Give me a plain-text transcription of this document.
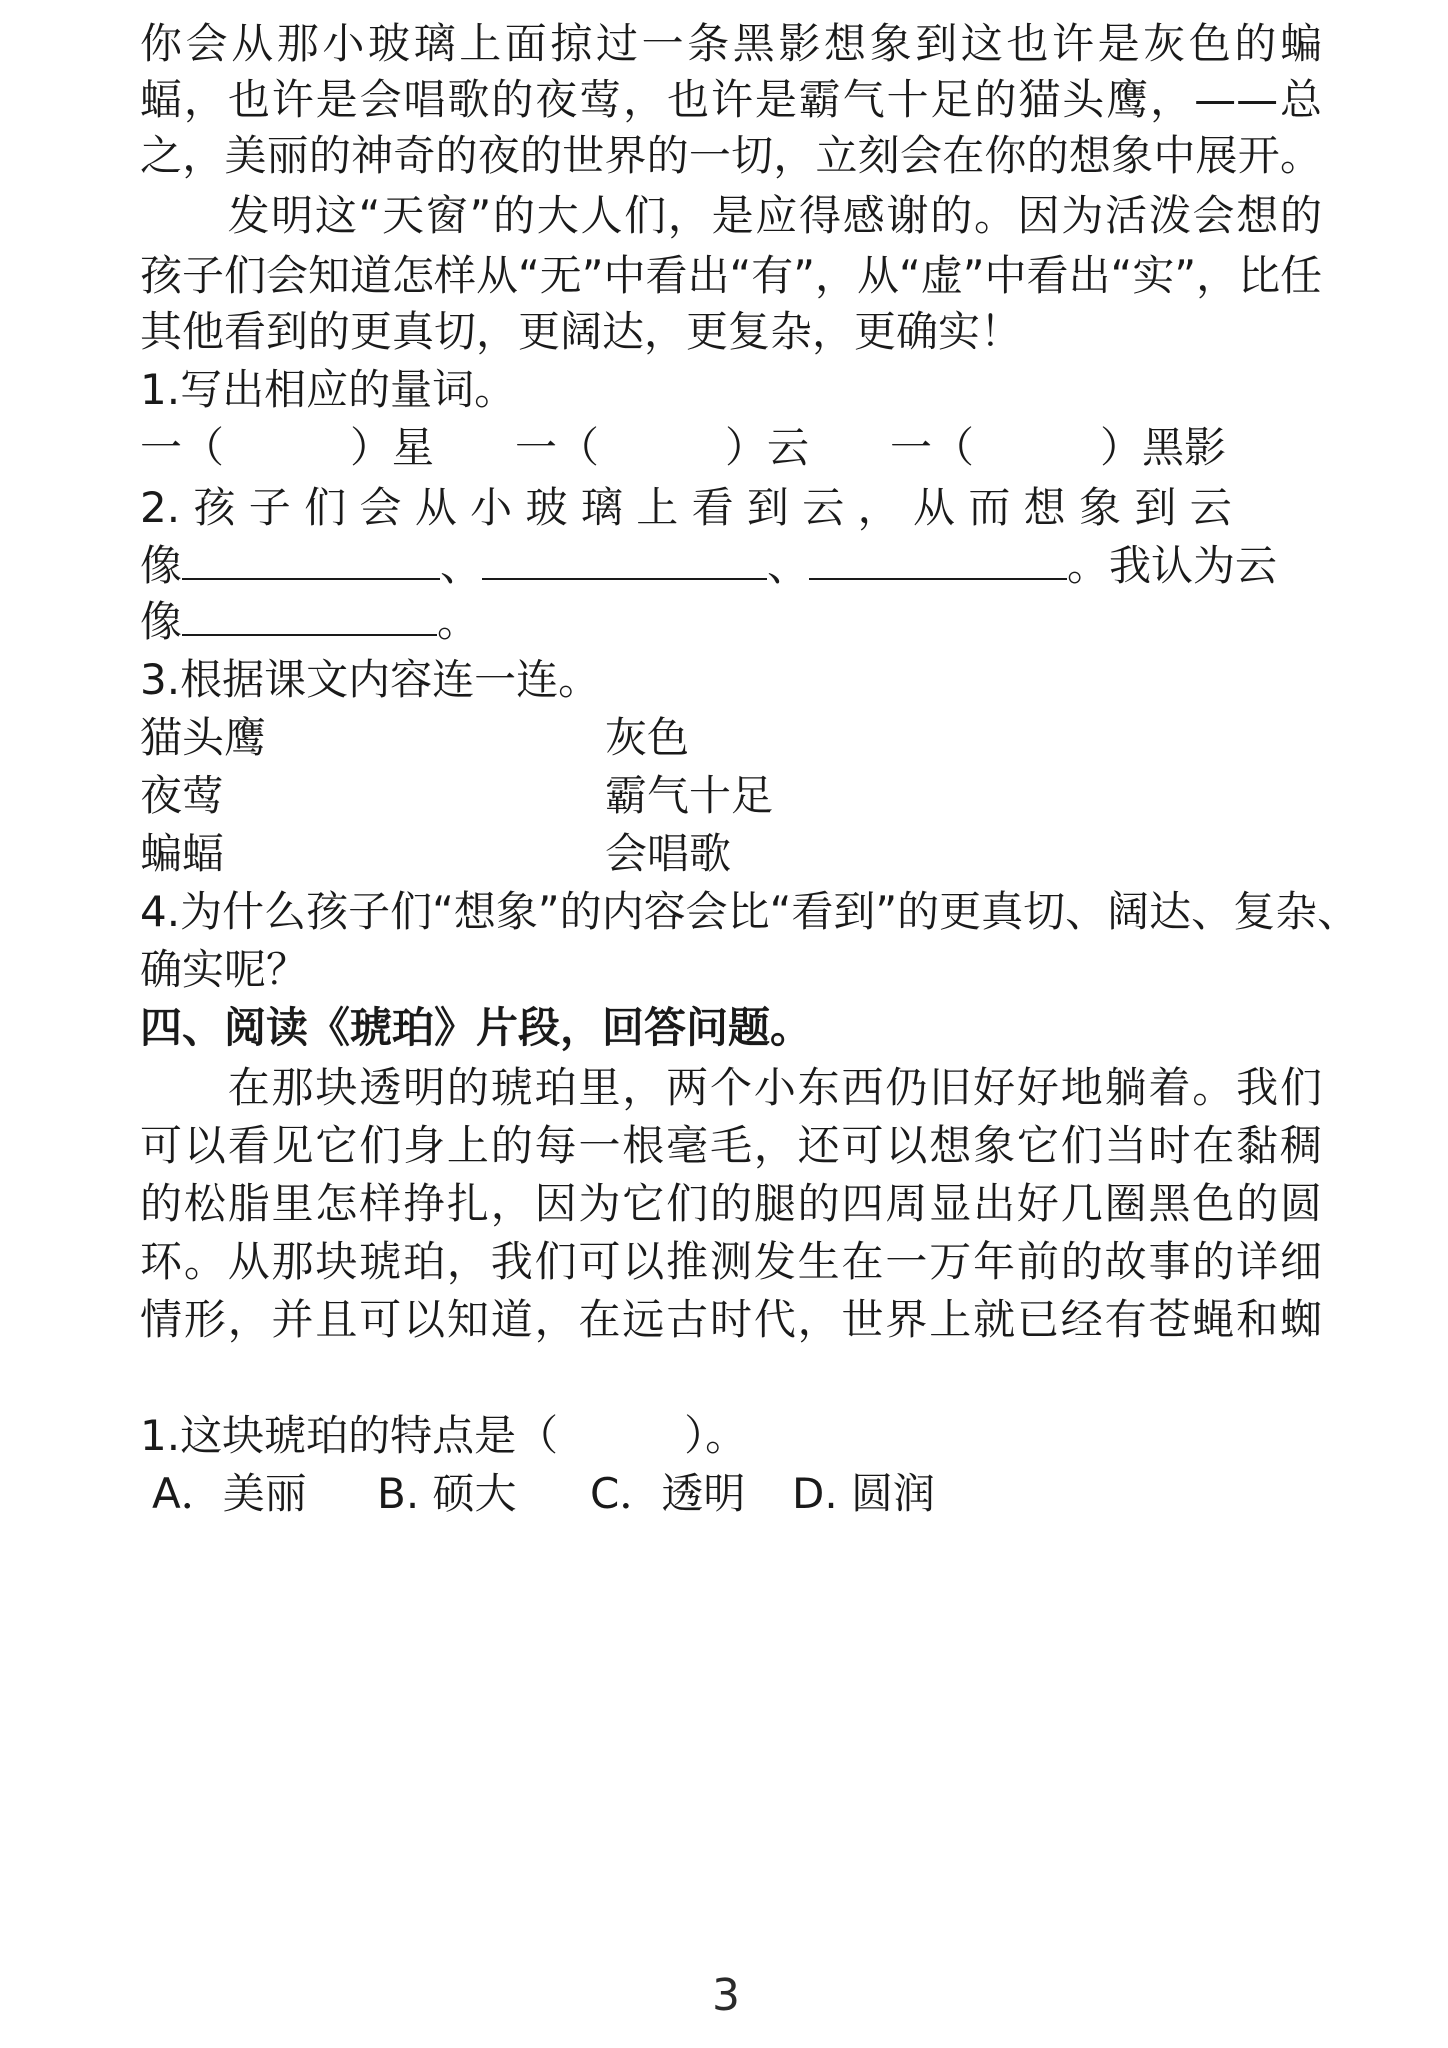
你会从那小玻璃上面掠过一条黑影想象到这也许是灰色的蝙
蝠，也许是会唱歌的夜莺，也许是霸气十足的猫头鹰，——总
之，美丽的神奇的夜的世界的一切，立刻会在你的想象中展开。
　　发明这“天窗”的大人们，是应得感谢的。因为活泼会想的
孩子们会知道怎样从“无”中看出“有”，从“虚”中看出“实”，比任
其他看到的更真切，更阔达，更复杂，更确实！
1.写出相应的量词。
一（　　　）星 一（　　　）云 一（　　　）黑影
2. 孩 子 们 会 从 小 玻 璃 上 看 到 云 ， 从 而 想 象 到 云
像	、	、	。我认为云
像	。
3.根据课文内容连一连。
猫头鹰	灰色
夜莺	霸气十足
蝙蝠	会唱歌
4.为什么孩子们“想象”的内容会比“看到”的更真切、阔达、复杂、
确实呢？
四、阅读《琥珀》片段，回答问题。
　　在那块透明的琥珀里，两个小东西仍旧好好地躺着。我们
可以看见它们身上的每一根毫毛，还可以想象它们当时在黏稠
的松脂里怎样挣扎，因为它们的腿的四周显出好几圈黑色的圆
环。从那块琥珀，我们可以推测发生在一万年前的故事的详细
情形，并且可以知道，在远古时代，世界上就已经有苍蝇和蜘
1.这块琥珀的特点是（　　　）。
A．美丽 B. 硕大 C．透明 D. 圆润
3
